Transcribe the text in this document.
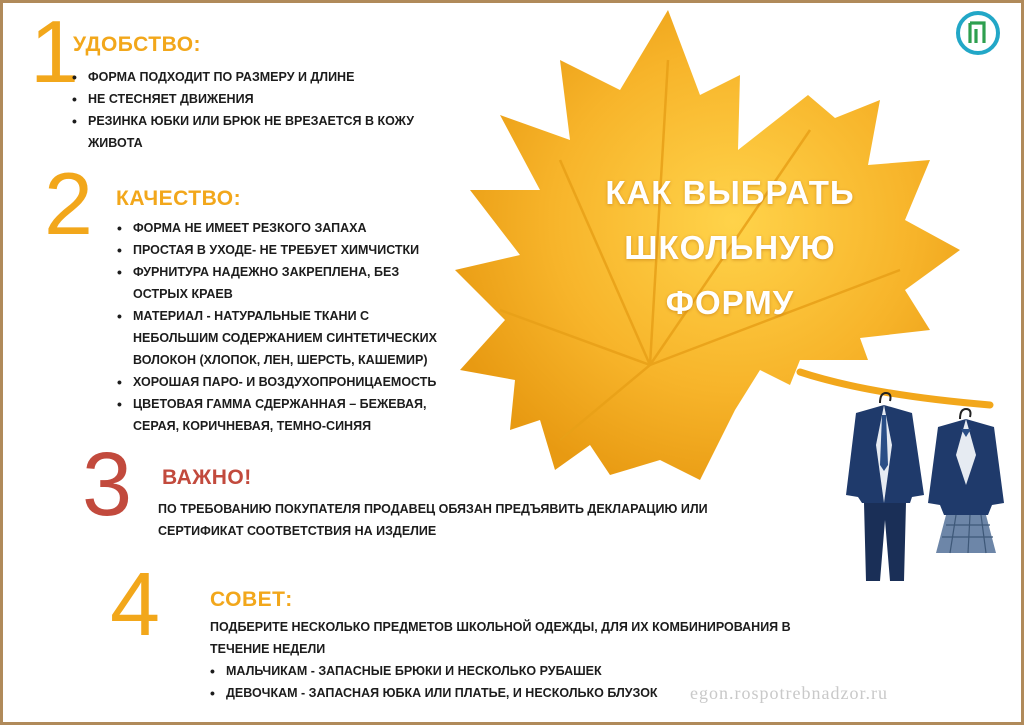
КАК ВЫБРАТЬ
ШКОЛЬНУЮ
ФОРМУ
1
УДОБСТВО:
• ФОРМА ПОДХОДИТ ПО РАЗМЕРУ И ДЛИНЕ
• НЕ СТЕСНЯЕТ ДВИЖЕНИЯ
• РЕЗИНКА ЮБКИ ИЛИ БРЮК НЕ ВРЕЗАЕТСЯ В КОЖУ

ЖИВОТА

2 КАЧЕСТВО:
• ФОРМА НЕ ИМЕЕТ РЕЗКОГО ЗАПАХА
• ПРОСТАЯ В УХОДЕ- НЕ ТРЕБУЕТ ХИМЧИСТКИ
• ФУРНИТУРА НАДЕЖНО ЗАКРЕПЛЕНА, БЕЗ

ОСТРЫХ КРАЕВ

• МАТЕРИАЛ - НАТУРАЛЬНЫЕ ТКАНИ С

НЕБОЛЬШИМ СОДЕРЖАНИЕМ СИНТЕТИЧЕСКИХ

ВОЛОКОН (ХЛОПОК, ЛЕН, ШЕРСТЬ, КАШЕМИР)

• ХОРОШАЯ ПАРО- И ВОЗДУХОПРОНИЦАЕМОСТЬ
• ЦВЕТОВАЯ ГАММА СДЕРЖАННАЯ – БЕЖЕВАЯ,

СЕРАЯ, КОРИЧНЕВАЯ, ТЕМНО-СИНЯЯ

3 ВАЖНО!

ПО ТРЕБОВАНИЮ ПОКУПАТЕЛЯ ПРОДАВЕЦ ОБЯЗАН ПРЕДЪЯВИТЬ ДЕКЛАРАЦИЮ ИЛИ

СЕРТИФИКАТ СООТВЕТСТВИЯ НА ИЗДЕЛИЕ

4 СОВЕТ:

ПОДБЕРИТЕ НЕСКОЛЬКО ПРЕДМЕТОВ ШКОЛЬНОЙ ОДЕЖДЫ, ДЛЯ ИХ КОМБИНИРОВАНИЯ В

ТЕЧЕНИЕ НЕДЕЛИ

• МАЛЬЧИКАМ - ЗАПАСНЫЕ БРЮКИ И НЕСКОЛЬКО РУБАШЕК
• ДЕВОЧКАМ - ЗАПАСНАЯ ЮБКА ИЛИ ПЛАТЬЕ, И НЕСКОЛЬКО БЛУЗОК egon.rospotrebnadzor.ru
